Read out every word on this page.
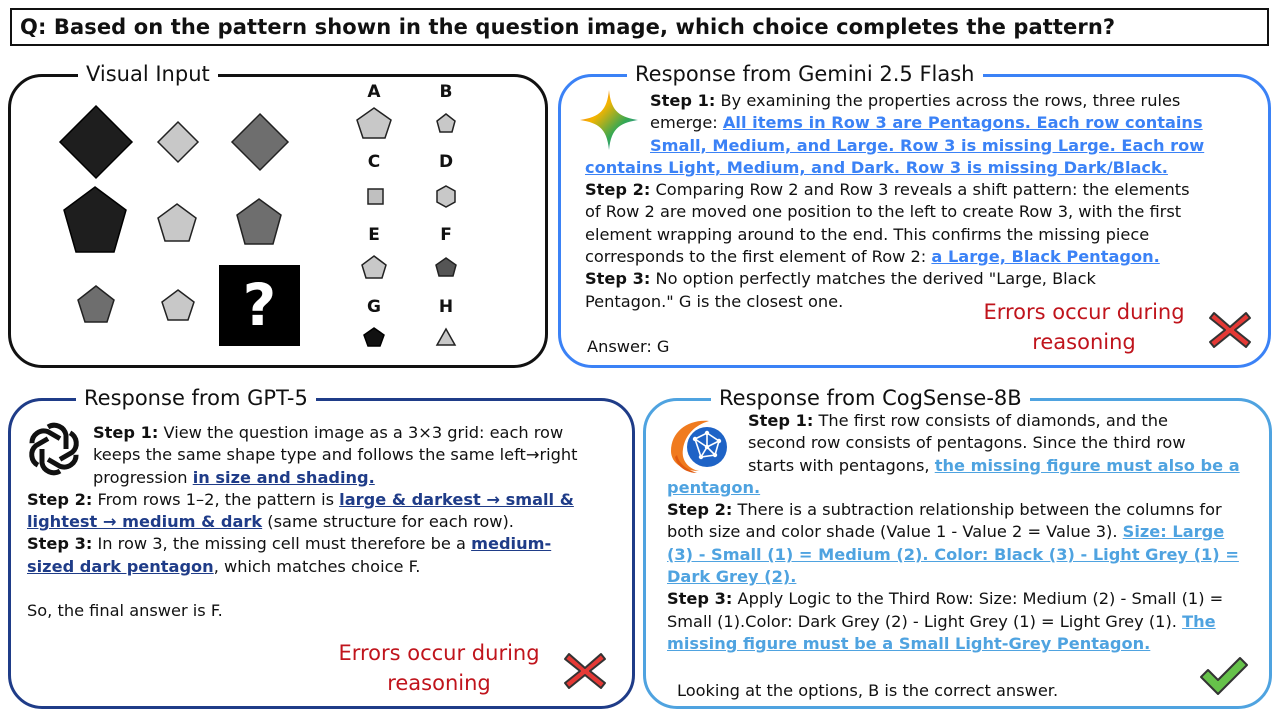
Q: Based on the pattern shown in the question image, which choice completes the pattern?
Visual Input
?
A	B
C	D
E	F
G	H
Response from Gemini 2.5 Flash
Step 1: By examining the properties across the rows, three rules
emerge: All items in Row 3 are Pentagons. Each row contains
Small, Medium, and Large. Row 3 is missing Large. Each row
contains Light, Medium, and Dark. Row 3 is missing Dark/Black.
Step 2: Comparing Row 2 and Row 3 reveals a shift pattern: the elements
of Row 2 are moved one position to the left to create Row 3, with the first
element wrapping around to the end. This confirms the missing piece
corresponds to the first element of Row 2: a Large, Black Pentagon.
Step 3: No option perfectly matches the derived "Large, Black
Pentagon." G is the closest one.
Answer: G
Errors occur during
reasoning
Response from GPT-5
Step 1: View the question image as a 3×3 grid: each row
keeps the same shape type and follows the same left→right
progression in size and shading.
Step 2: From rows 1–2, the pattern is large & darkest → small &
lightest → medium & dark (same structure for each row).
Step 3: In row 3, the missing cell must therefore be a medium-
sized dark pentagon, which matches choice F.
So, the final answer is F.
Errors occur during
reasoning
Response from CogSense-8B
Step 1: The first row consists of diamonds, and the
second row consists of pentagons. Since the third row
starts with pentagons, the missing figure must also be a
pentagon.
Step 2: There is a subtraction relationship between the columns for
both size and color shade (Value 1 - Value 2 = Value 3). Size: Large
(3) - Small (1) = Medium (2). Color: Black (3) - Light Grey (1) =
Dark Grey (2).
Step 3: Apply Logic to the Third Row: Size: Medium (2) - Small (1) =
Small (1).Color: Dark Grey (2) - Light Grey (1) = Light Grey (1). The
missing figure must be a Small Light-Grey Pentagon.
Looking at the options, B is the correct answer.
